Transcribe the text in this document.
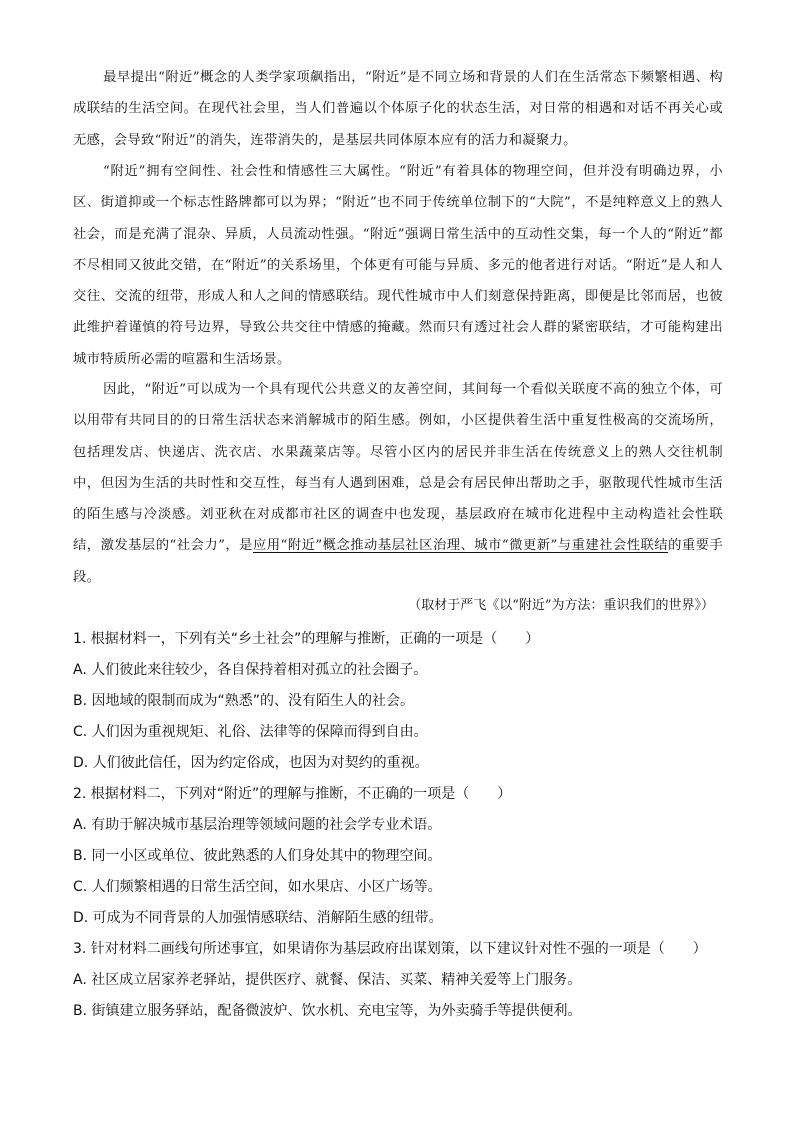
最早提出“附近”概念的人类学家项飙指出，“附近”是不同立场和背景的人们在生活常态下频繁相遇、构成联结的生活空间。在现代社会里，当人们普遍以个体原子化的状态生活，对日常的相遇和对话不再关心或无感，会导致“附近”的消失，连带消失的，是基层共同体原本应有的活力和凝聚力。
“附近”拥有空间性、社会性和情感性三大属性。“附近”有着具体的物理空间，但并没有明确边界，小区、街道抑或一个标志性路牌都可以为界；“附近”也不同于传统单位制下的“大院”，不是纯粹意义上的熟人社会，而是充满了混杂、异质，人员流动性强。“附近”强调日常生活中的互动性交集，每一个人的“附近”都不尽相同又彼此交错，在“附近”的关系场里，个体更有可能与异质、多元的他者进行对话。“附近”是人和人交往、交流的纽带，形成人和人之间的情感联结。现代性城市中人们刻意保持距离，即便是比邻而居，也彼此维护着谨慎的符号边界，导致公共交往中情感的掩藏。然而只有透过社会人群的紧密联结，才可能构建出城市特质所必需的喧嚣和生活场景。
因此，“附近”可以成为一个具有现代公共意义的友善空间，其间每一个看似关联度不高的独立个体，可以用带有共同目的的日常生活状态来消解城市的陌生感。例如，小区提供着生活中重复性极高的交流场所，包括理发店、快递店、洗衣店、水果蔬菜店等。尽管小区内的居民并非生活在传统意义上的熟人交往机制中，但因为生活的共时性和交互性，每当有人遇到困难，总是会有居民伸出帮助之手，驱散现代性城市生活的陌生感与冷淡感。刘亚秋在对成都市社区的调查中也发现，基层政府在城市化进程中主动构造社会性联结，激发基层的“社会力”，是应用“附近”概念推动基层社区治理、城市“微更新”与重建社会性联结的重要手段。
（取材于严飞《以“附近”为方法：重识我们的世界》）
1. 根据材料一，下列有关“乡土社会”的理解与推断，正确的一项是（　　）
A. 人们彼此来往较少，各自保持着相对孤立的社会圈子。
B. 因地域的限制而成为“熟悉”的、没有陌生人的社会。
C. 人们因为重视规矩、礼俗、法律等的保障而得到自由。
D. 人们彼此信任，因为约定俗成，也因为对契约的重视。
2. 根据材料二，下列对“附近”的理解与推断，不正确的一项是（　　）
A. 有助于解决城市基层治理等领域问题的社会学专业术语。
B. 同一小区或单位、彼此熟悉的人们身处其中的物理空间。
C. 人们频繁相遇的日常生活空间，如水果店、小区广场等。
D. 可成为不同背景的人加强情感联结、消解陌生感的纽带。
3. 针对材料二画线句所述事宜，如果请你为基层政府出谋划策，以下建议针对性不强的一项是（　　）
A. 社区成立居家养老驿站，提供医疗、就餐、保洁、买菜、精神关爱等上门服务。
B. 街镇建立服务驿站，配备微波炉、饮水机、充电宝等，为外卖骑手等提供便利。
